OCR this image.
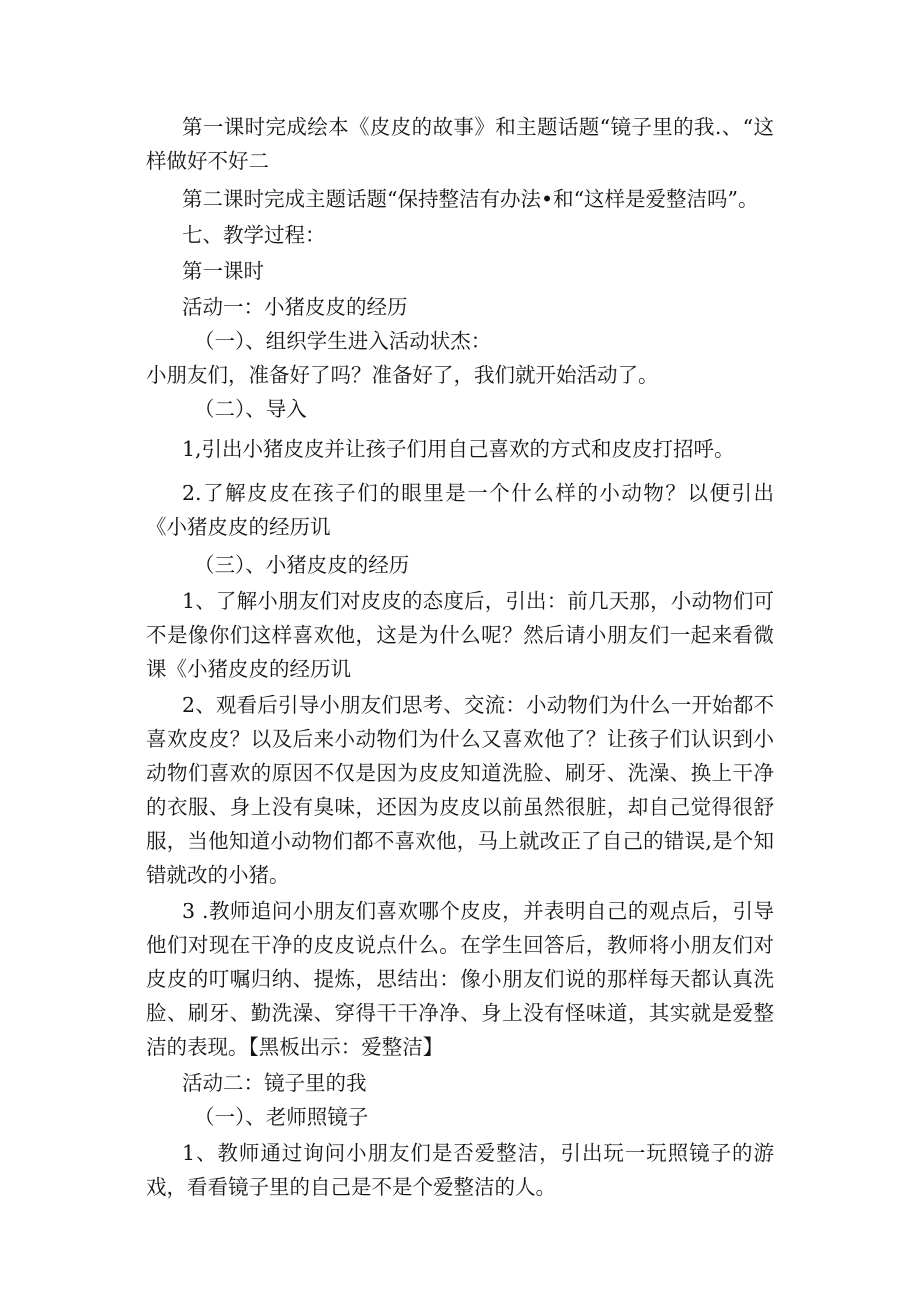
第一课时完成绘本《皮皮的故事》和主题话题“镜子里的我.、“这样做好不好二

第二课时完成主题话题“保持整洁有办法•和“这样是爱整洁吗”。

七、教学过程：

第一课时

活动一：小猪皮皮的经历

（一）、组织学生进入活动状杰：

小朋友们，准备好了吗？准备好了，我们就开始活动了。

（二）、导入

1,引出小猪皮皮并让孩子们用自己喜欢的方式和皮皮打招呼。

2.了解皮皮在孩子们的眼里是一个什么样的小动物？以便引出《小猪皮皮的经历讥

（三）、小猪皮皮的经历

1、了解小朋友们对皮皮的态度后，引出：前几天那，小动物们可不是像你们这样喜欢他，这是为什么呢？然后请小朋友们一起来看微课《小猪皮皮的经历讥

2、观看后引导小朋友们思考、交流：小动物们为什么一开始都不喜欢皮皮？以及后来小动物们为什么又喜欢他了？让孩子们认识到小动物们喜欢的原因不仅是因为皮皮知道洗脸、刷牙、洗澡、换上干净的衣服、身上没有臭味，还因为皮皮以前虽然很脏，却自己觉得很舒服，当他知道小动物们都不喜欢他，马上就改正了自己的错误,是个知错就改的小猪。

3 .教师追问小朋友们喜欢哪个皮皮，并表明自己的观点后，引导他们对现在干净的皮皮说点什么。在学生回答后，教师将小朋友们对皮皮的叮嘱归纳、提炼，思结出：像小朋友们说的那样每天都认真洗脸、刷牙、勤洗澡、穿得干干净净、身上没有怪味道，其实就是爱整洁的表现。【黑板出示：爱整洁】

活动二：镜子里的我

（一）、老师照镜子

1、教师通过询问小朋友们是否爱整洁，引出玩一玩照镜子的游戏，看看镜子里的自己是不是个爱整洁的人。
